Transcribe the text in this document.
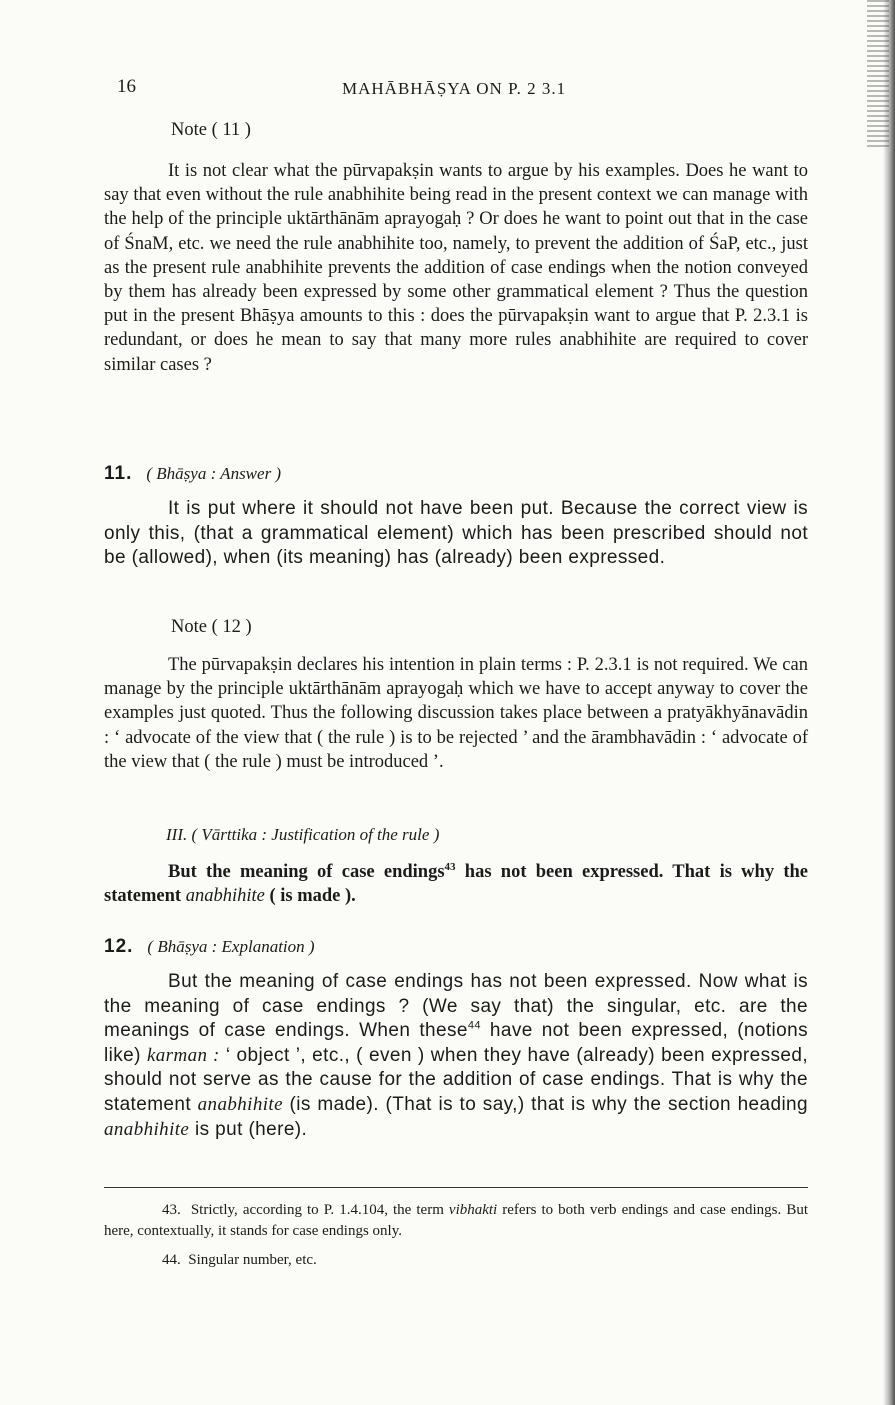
16	MAHĀBHĀṢYA ON P. 2 3.1
Note ( 11 )
It is not clear what the pūrvapakṣin wants to argue by his examples. Does he want to say that even without the rule anabhihite being read in the present context we can manage with the help of the principle uktārthānām aprayogaḥ ? Or does he want to point out that in the case of ŚnaM, etc. we need the rule anabhihite too, namely, to prevent the addition of ŚaP, etc., just as the present rule anabhihite prevents the addition of case endings when the notion conveyed by them has already been expressed by some other grammatical element ? Thus the question put in the present Bhāṣya amounts to this : does the pūrvapakṣin want to argue that P. 2.3.1 is redundant, or does he mean to say that many more rules anabhihite are required to cover similar cases ?
11. ( Bhāṣya : Answer )
It is put where it should not have been put. Because the correct view is only this, (that a grammatical element) which has been prescribed should not be (allowed), when (its meaning) has (already) been expressed.
Note ( 12 )
The pūrvapakṣin declares his intention in plain terms : P. 2.3.1 is not required. We can manage by the principle uktārthānām aprayogaḥ which we have to accept anyway to cover the examples just quoted. Thus the following discussion takes place between a pratyākhyānavādin : ‘ advocate of the view that ( the rule ) is to be rejected ’ and the ārambhavādin : ‘ advocate of the view that ( the rule ) must be introduced ’.
III. ( Vārttika : Justification of the rule )
But the meaning of case endings$^{43}$ has not been expressed. That is why the statement anabhihite ( is made ).
12. ( Bhāṣya : Explanation )
But the meaning of case endings has not been expressed. Now what is the meaning of case endings ? (We say that) the singular, etc. are the meanings of case endings. When these$^{44}$ have not been expressed, (notions like) karman : ‘ object ’, etc., ( even ) when they have (already) been expressed, should not serve as the cause for the addition of case endings. That is why the statement anabhihite (is made). (That is to say,) that is why the section heading anabhihite is put (here).
43. Strictly, according to P. 1.4.104, the term vibhakti refers to both verb endings and case endings. But here, contextually, it stands for case endings only.
44. Singular number, etc.
